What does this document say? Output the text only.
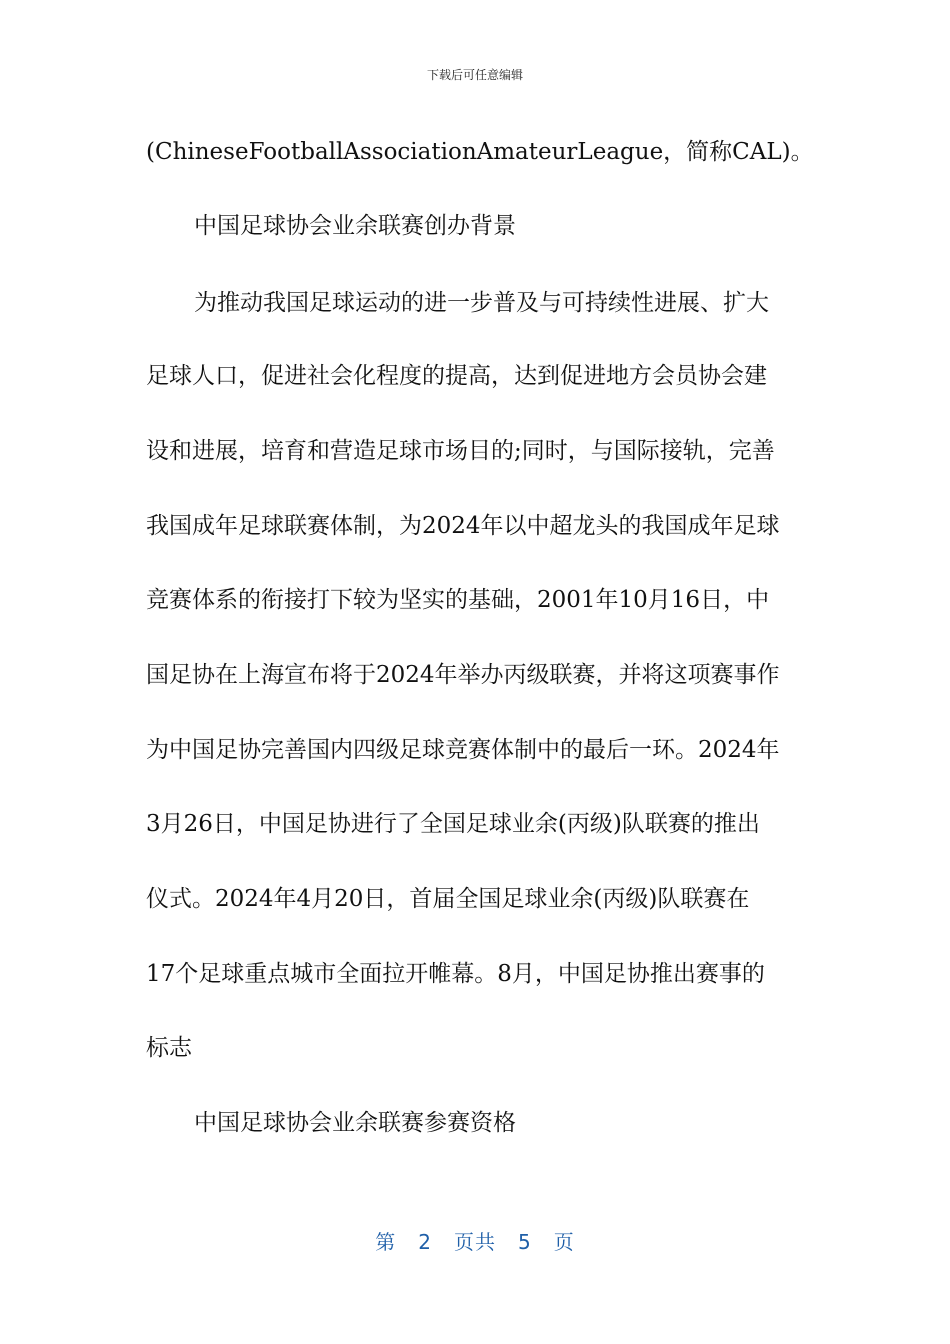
下载后可任意编辑
(ChineseFootballAssociationAmateurLeague，简称CAL)。
中国足球协会业余联赛创办背景
为推动我国足球运动的进一步普及与可持续性进展、扩大
足球人口，促进社会化程度的提高，达到促进地方会员协会建
设和进展，培育和营造足球市场目的;同时，与国际接轨，完善
我国成年足球联赛体制，为2024年以中超龙头的我国成年足球
竞赛体系的衔接打下较为坚实的基础，2001年10月16日，中
国足协在上海宣布将于2024年举办丙级联赛，并将这项赛事作
为中国足协完善国内四级足球竞赛体制中的最后一环。2024年
3月26日，中国足协进行了全国足球业余(丙级)队联赛的推出
仪式。2024年4月20日，首届全国足球业余(丙级)队联赛在
17个足球重点城市全面拉开帷幕。8月，中国足协推出赛事的
标志
中国足球协会业余联赛参赛资格
第 2 页共 5 页
